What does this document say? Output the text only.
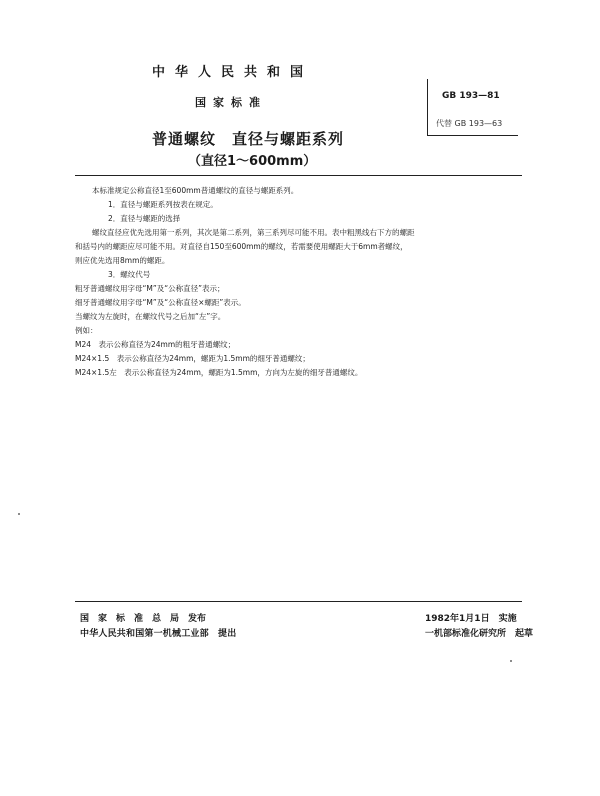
中华人民共和国
国家标准	GB 193—81
代替 GB 193—63
普通螺纹　直径与螺距系列
（直径1～600mm）
本标准规定公称直径1至600mm普通螺纹的直径与螺距系列。
1．直径与螺距系列按表在规定。
2．直径与螺距的选择
螺纹直径应优先选用第一系列，其次是第二系列，第三系列尽可能不用。表中粗黑线右下方的螺距
和括号内的螺距应尽可能不用。对直径自150至600mm的螺纹，若需要使用螺距大于6mm者螺纹，
则应优先选用8mm的螺距。
3．螺纹代号
粗牙普通螺纹用字母“M”及“公称直径”表示；
细牙普通螺纹用字母“M”及“公称直径×螺距”表示。
当螺纹为左旋时，在螺纹代号之后加“左”字。
例如：
M24　表示公称直径为24mm的粗牙普通螺纹；
M24×1.5　表示公称直径为24mm，螺距为1.5mm的细牙普通螺纹；
M24×1.5左　表示公称直径为24mm，螺距为1.5mm，方向为左旋的细牙普通螺纹。
国　家　标　准　总　局　发布
中华人民共和国第一机械工业部　提出
1982年1月1日　实施
一机部标准化研究所　起草
